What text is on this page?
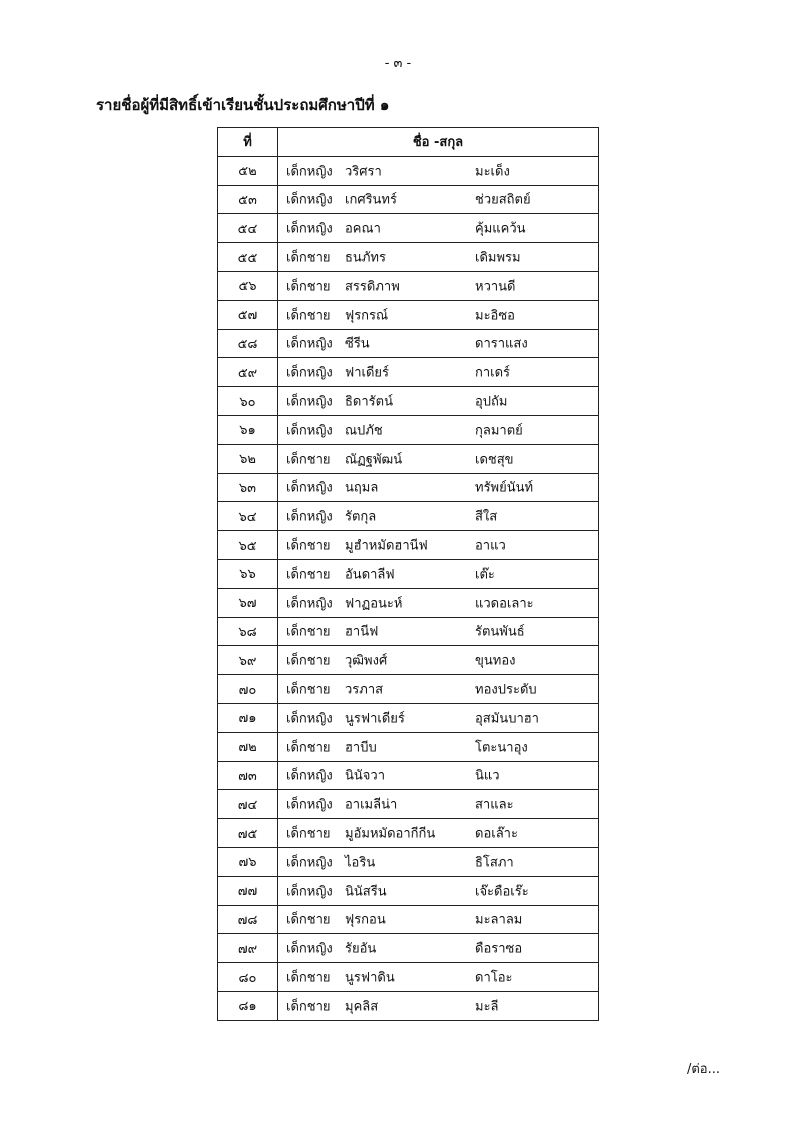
- ๓ -
รายชื่อผู้ที่มีสิทธิ์เข้าเรียนชั้นประถมศึกษาปีที่ ๑
ที่	ชื่อ -สกุล
๕๒	เด็กหญิง วริศรา มะเด็ง

๕๓	เด็กหญิง เกศรินทร์ ช่วยสถิตย์

๕๔	เด็กหญิง อคณา คุ้มแคว้น

๕๕	เด็กชาย ธนภัทร เดิมพรม

๕๖	เด็กชาย สรรดิภาพ หวานดี

๕๗	เด็กชาย ฟุรกรณ์ มะอิซอ

๕๘	เด็กหญิง ซีรีน ดาราแสง

๕๙	เด็กหญิง ฟาเดียร์ กาเดร์

๖๐	เด็กหญิง ธิดารัตน์ อุปถัม

๖๑	เด็กหญิง ณปภัช กุลมาตย์

๖๒	เด็กชาย ณัฏฐพัฒน์ เดชสุข

๖๓	เด็กหญิง นฤมล ทรัพย์นันท์

๖๔	เด็กหญิง รัตกุล สีใส

๖๕	เด็กชาย มูฮำหมัดฮานีฟ อาแว

๖๖	เด็กชาย อันดาลีฟ เต๊ะ

๖๗	เด็กหญิง ฟาฏอนะห์ แวดอเลาะ

๖๘	เด็กชาย ฮานีฟ รัตนพันธ์

๖๙	เด็กชาย วุฒิพงศ์ ขุนทอง

๗๐	เด็กชาย วรภาส ทองประดับ

๗๑	เด็กหญิง นูรฟาเดียร์ อุสมันบาฮา

๗๒	เด็กชาย ฮาบีบ โตะนาอุง

๗๓	เด็กหญิง นินัจวา นิแว

๗๔	เด็กหญิง อาเมลีน่า สาและ

๗๕	เด็กชาย มูอัมหมัดอากีกีน ดอเล๊าะ

๗๖	เด็กหญิง ไอริน ธิโสภา

๗๗	เด็กหญิง นินัสรีน เจ๊ะดือเร๊ะ

๗๘	เด็กชาย ฟุรกอน มะลาลม

๗๙	เด็กหญิง รัยอัน ดือราซอ

๘๐	เด็กชาย นูรฟาดิน ดาโอะ

๘๑	เด็กชาย มุคลิส มะลี
/ต่อ...
